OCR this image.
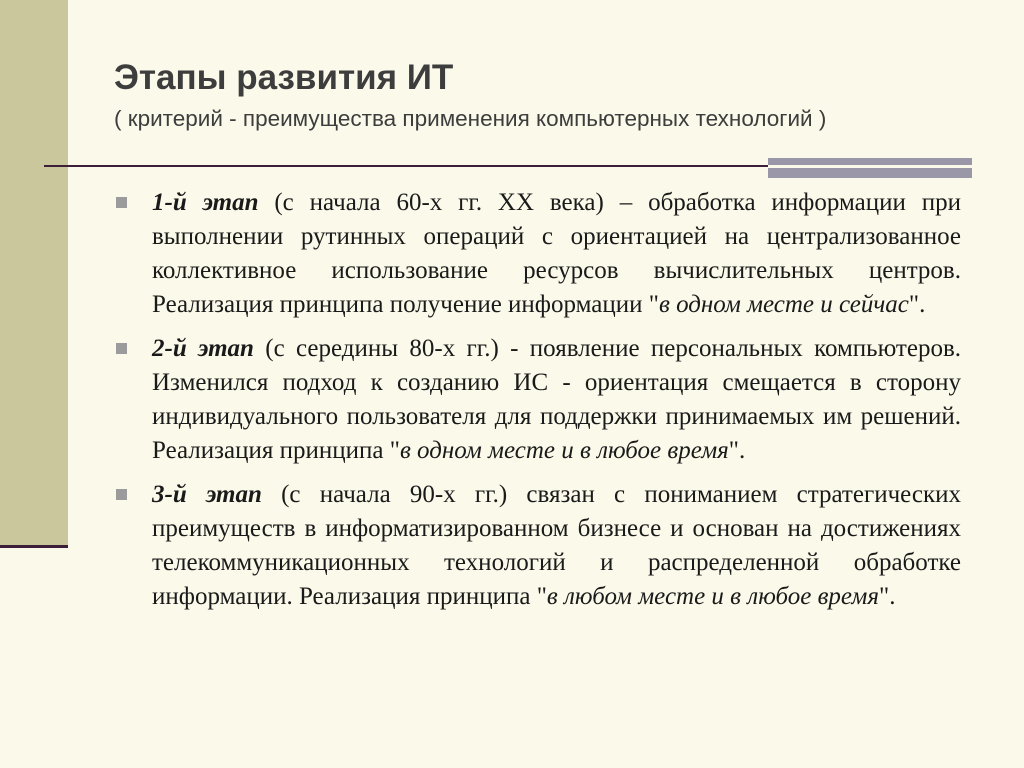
Этапы развития ИТ

( критерий - преимущества применения компьютерных технологий )

1-й этап (с начала 60-х гг. XX века) – обработка информации при выполнении рутинных операций с ориентацией на централизованное коллективное использование ресурсов вычислительных центров. Реализация принципа получение информации "в одном месте и сейчас".
2-й этап (с середины 80-х гг.) - появление персональных компьютеров. Изменился подход к созданию ИС - ориентация смещается в сторону индивидуального пользователя для поддержки принимаемых им решений. Реализация принципа "в одном месте и в любое время".
3-й этап (с начала 90-х гг.) связан с пониманием стратегических преимуществ в информатизированном бизнесе и основан на достижениях телекоммуникационных технологий и распределенной обработке информации. Реализация принципа "в любом месте и в любое время".
